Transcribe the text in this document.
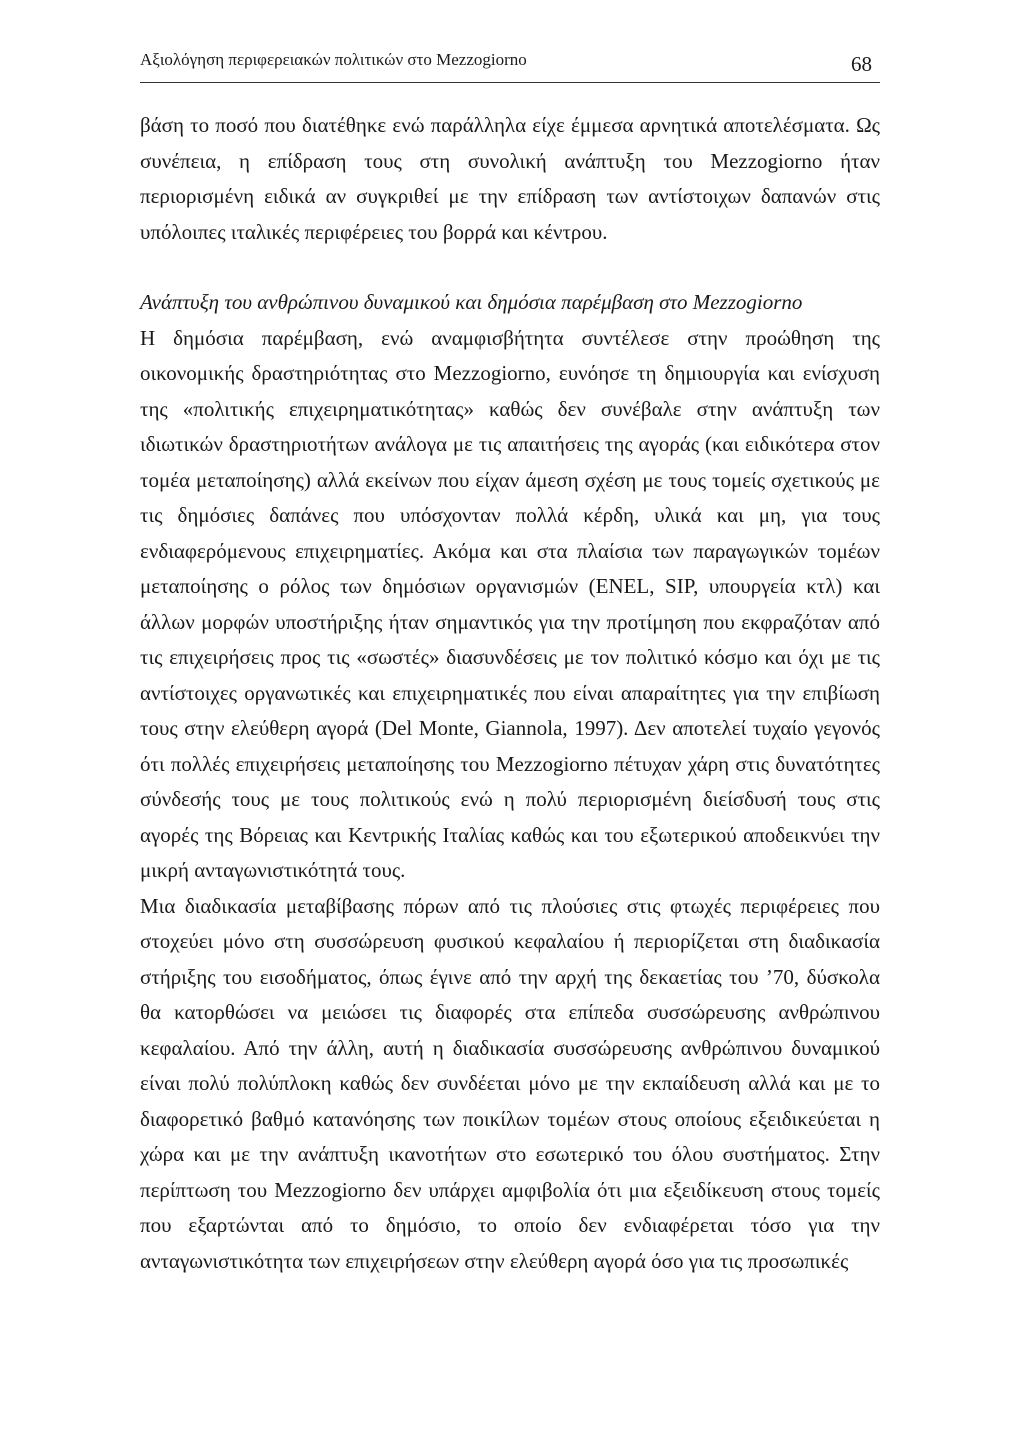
Αξιολόγηση περιφερειακών πολιτικών στο Mezzogiorno	68

βάση το ποσό που διατέθηκε ενώ παράλληλα είχε έμμεσα αρνητικά αποτελέσματα. Ως συνέπεια, η επίδραση τους στη συνολική ανάπτυξη του Mezzogiorno ήταν περιορισμένη ειδικά αν συγκριθεί με την επίδραση των αντίστοιχων δαπανών στις υπόλοιπες ιταλικές περιφέρειες του βορρά και κέντρου.

Ανάπτυξη του ανθρώπινου δυναμικού και δημόσια παρέμβαση στο Mezzogiorno

Η δημόσια παρέμβαση, ενώ αναμφισβήτητα συντέλεσε στην προώθηση της οικονομικής δραστηριότητας στο Mezzogiorno, ευνόησε τη δημιουργία και ενίσχυση της «πολιτικής επιχειρηματικότητας» καθώς δεν συνέβαλε στην ανάπτυξη των ιδιωτικών δραστηριοτήτων ανάλογα με τις απαιτήσεις της αγοράς (και ειδικότερα στον τομέα μεταποίησης) αλλά εκείνων που είχαν άμεση σχέση με τους τομείς σχετικούς με τις δημόσιες δαπάνες που υπόσχονταν πολλά κέρδη, υλικά και μη, για τους ενδιαφερόμενους επιχειρηματίες. Ακόμα και στα πλαίσια των παραγωγικών τομέων μεταποίησης ο ρόλος των δημόσιων οργανισμών (ENEL, SIP, υπουργεία κτλ) και άλλων μορφών υποστήριξης ήταν σημαντικός για την προτίμηση που εκφραζόταν από τις επιχειρήσεις προς τις «σωστές» διασυνδέσεις με τον πολιτικό κόσμο και όχι με τις αντίστοιχες οργανωτικές και επιχειρηματικές που είναι απαραίτητες για την επιβίωση τους στην ελεύθερη αγορά (Del Monte, Giannola, 1997). Δεν αποτελεί τυχαίο γεγονός ότι πολλές επιχειρήσεις μεταποίησης του Mezzogiorno πέτυχαν χάρη στις δυνατότητες σύνδεσής τους με τους πολιτικούς ενώ η πολύ περιορισμένη διείσδυσή τους στις αγορές της Βόρειας και Κεντρικής Ιταλίας καθώς και του εξωτερικού αποδεικνύει την μικρή ανταγωνιστικότητά τους.

Μια διαδικασία μεταβίβασης πόρων από τις πλούσιες στις φτωχές περιφέρειες που στοχεύει μόνο στη συσσώρευση φυσικού κεφαλαίου ή περιορίζεται στη διαδικασία στήριξης του εισοδήματος, όπως έγινε από την αρχή της δεκαετίας του ’70, δύσκολα θα κατορθώσει να μειώσει τις διαφορές στα επίπεδα συσσώρευσης ανθρώπινου κεφαλαίου. Από την άλλη, αυτή η διαδικασία συσσώρευσης ανθρώπινου δυναμικού είναι πολύ πολύπλοκη καθώς δεν συνδέεται μόνο με την εκπαίδευση αλλά και με το διαφορετικό βαθμό κατανόησης των ποικίλων τομέων στους οποίους εξειδικεύεται η χώρα και με την ανάπτυξη ικανοτήτων στο εσωτερικό του όλου συστήματος. Στην περίπτωση του Mezzogiorno δεν υπάρχει αμφιβολία ότι μια εξειδίκευση στους τομείς που εξαρτώνται από το δημόσιο, το οποίο δεν ενδιαφέρεται τόσο για την ανταγωνιστικότητα των επιχειρήσεων στην ελεύθερη αγορά όσο για τις προσωπικές
